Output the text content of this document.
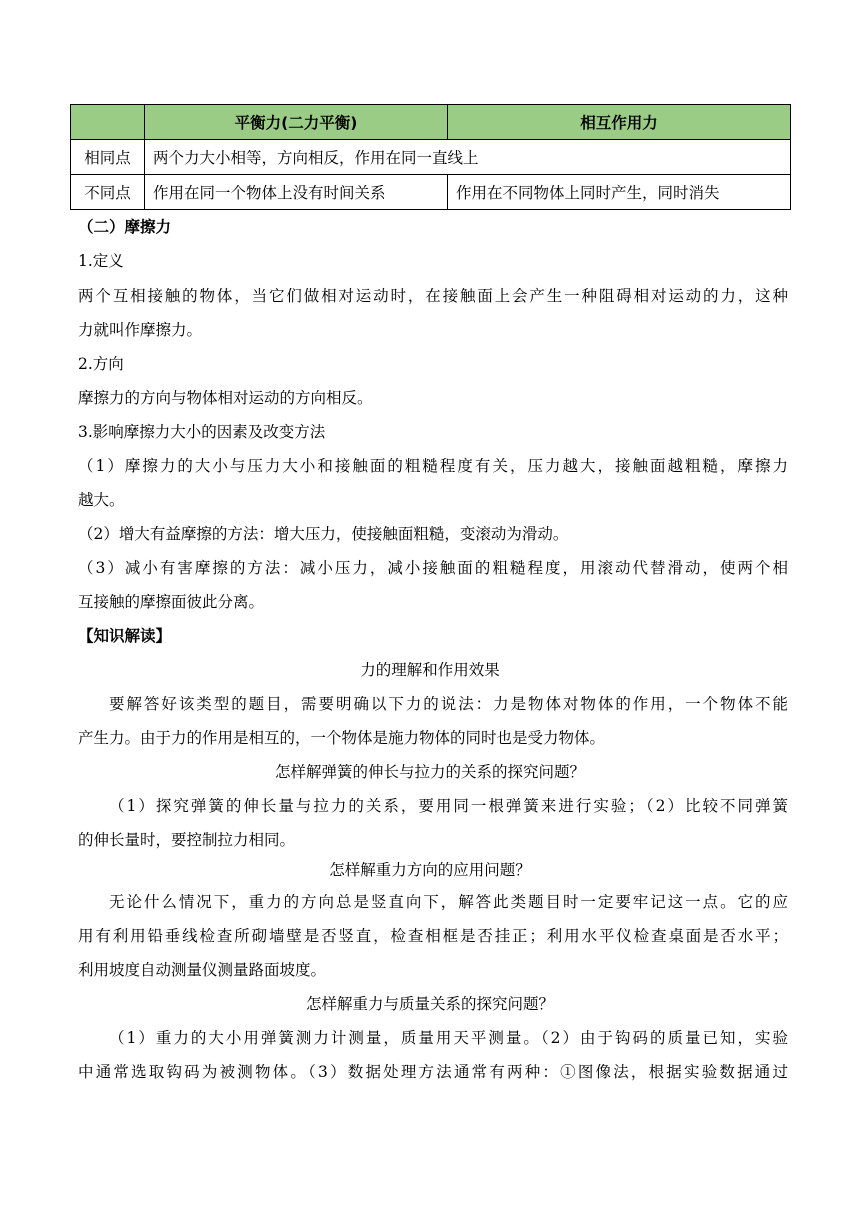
	平衡力(二力平衡)	相互作用力
相同点	两个力大小相等，方向相反，作用在同一直线上	
不同点	作用在同一个物体上没有时间关系	作用在不同物体上同时产生，同时消失
（二）摩擦力
1.定义
两个互相接触的物体，当它们做相对运动时，在接触面上会产生一种阻碍相对运动的力，这种
力就叫作摩擦力。
2.方向
摩擦力的方向与物体相对运动的方向相反。
3.影响摩擦力大小的因素及改变方法
（1）摩擦力的大小与压力大小和接触面的粗糙程度有关，压力越大，接触面越粗糙，摩擦力
越大。
（2）增大有益摩擦的方法：增大压力，使接触面粗糙，变滚动为滑动。
（3）减小有害摩擦的方法：减小压力，减小接触面的粗糙程度，用滚动代替滑动，使两个相
互接触的摩擦面彼此分离。
【知识解读】
力的理解和作用效果
要解答好该类型的题目，需要明确以下力的说法：力是物体对物体的作用，一个物体不能
产生力。由于力的作用是相互的，一个物体是施力物体的同时也是受力物体。
怎样解弹簧的伸长与拉力的关系的探究问题？
（1）探究弹簧的伸长量与拉力的关系，要用同一根弹簧来进行实验；（2）比较不同弹簧
的伸长量时，要控制拉力相同。
怎样解重力方向的应用问题？
无论什么情况下，重力的方向总是竖直向下，解答此类题目时一定要牢记这一点。它的应
用有利用铅垂线检查所砌墙壁是否竖直，检查相框是否挂正；利用水平仪检查桌面是否水平；
利用坡度自动测量仪测量路面坡度。
怎样解重力与质量关系的探究问题？
（1）重力的大小用弹簧测力计测量，质量用天平测量。（2）由于钩码的质量已知，实验
中通常选取钩码为被测物体。（3）数据处理方法通常有两种：①图像法，根据实验数据通过
